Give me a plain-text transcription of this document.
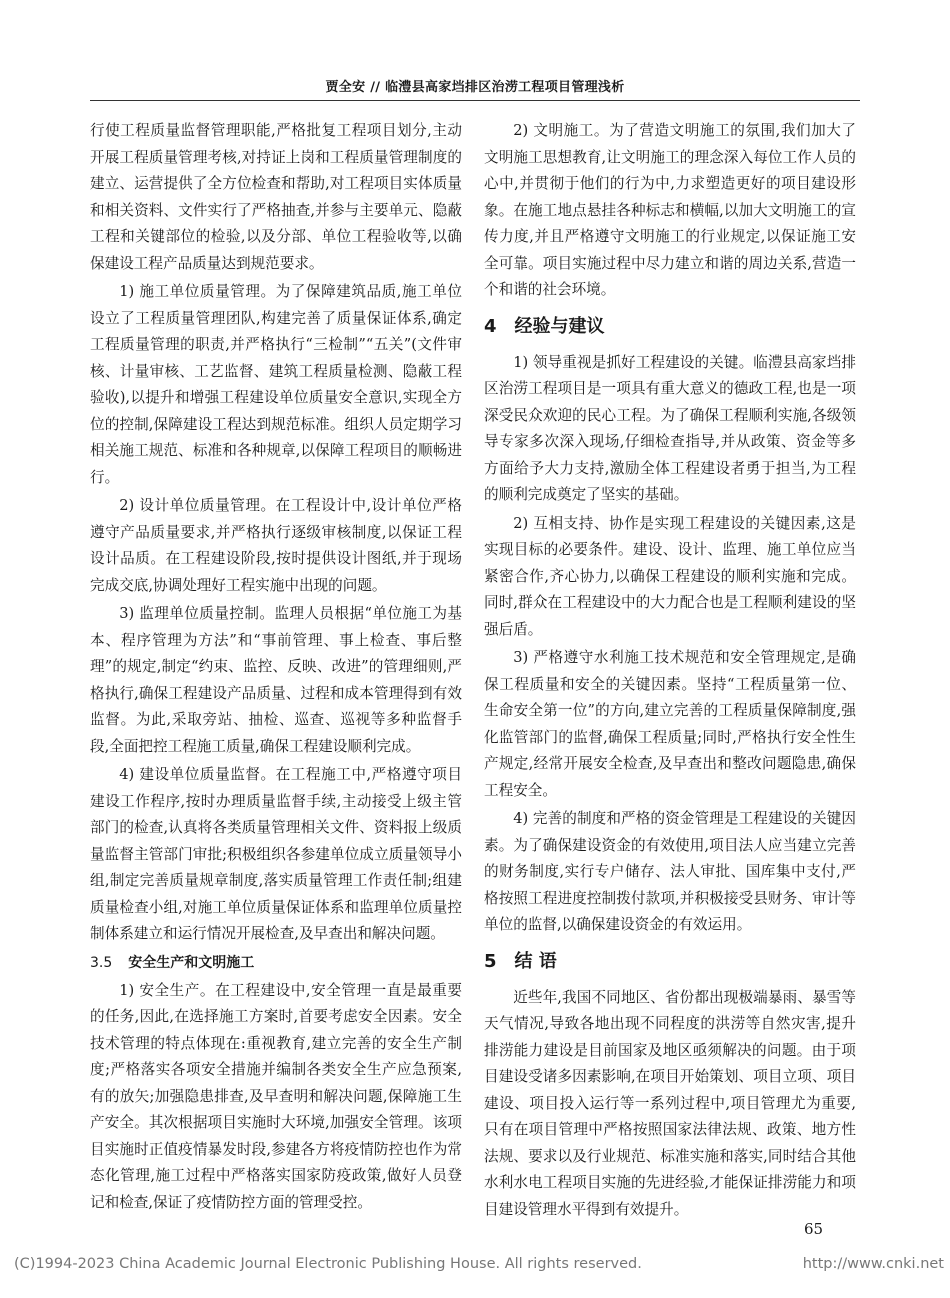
贾全安 // 临澧县高家垱排区治涝工程项目管理浅析

行使工程质量监督管理职能,严格批复工程项目划分,主动开展工程质量管理考核,对持证上岗和工程质量管理制度的建立、运营提供了全方位检查和帮助,对工程项目实体质量和相关资料、文件实行了严格抽查,并参与主要单元、隐蔽工程和关键部位的检验,以及分部、单位工程验收等,以确保建设工程产品质量达到规范要求。

1) 施工单位质量管理。为了保障建筑品质,施工单位设立了工程质量管理团队,构建完善了质量保证体系,确定工程质量管理的职责,并严格执行“三检制”“五关”(文件审核、计量审核、工艺监督、建筑工程质量检测、隐蔽工程验收),以提升和增强工程建设单位质量安全意识,实现全方位的控制,保障建设工程达到规范标准。组织人员定期学习相关施工规范、标准和各种规章,以保障工程项目的顺畅进行。

2) 设计单位质量管理。在工程设计中,设计单位严格遵守产品质量要求,并严格执行逐级审核制度,以保证工程设计品质。在工程建设阶段,按时提供设计图纸,并于现场完成交底,协调处理好工程实施中出现的问题。

3) 监理单位质量控制。监理人员根据“单位施工为基本、程序管理为方法”和“事前管理、事上检查、事后整理”的规定,制定“约束、监控、反映、改进”的管理细则,严格执行,确保工程建设产品质量、过程和成本管理得到有效监督。为此,采取旁站、抽检、巡查、巡视等多种监督手段,全面把控工程施工质量,确保工程建设顺利完成。

4) 建设单位质量监督。在工程施工中,严格遵守项目建设工作程序,按时办理质量监督手续,主动接受上级主管部门的检查,认真将各类质量管理相关文件、资料报上级质量监督主管部门审批;积极组织各参建单位成立质量领导小组,制定完善质量规章制度,落实质量管理工作责任制;组建质量检查小组,对施工单位质量保证体系和监理单位质量控制体系建立和运行情况开展检查,及早查出和解决问题。

3.5 安全生产和文明施工

1) 安全生产。在工程建设中,安全管理一直是最重要的任务,因此,在选择施工方案时,首要考虑安全因素。安全技术管理的特点体现在:重视教育,建立完善的安全生产制度;严格落实各项安全措施并编制各类安全生产应急预案,有的放矢;加强隐患排查,及早查明和解决问题,保障施工生产安全。其次根据项目实施时大环境,加强安全管理。该项目实施时正值疫情暴发时段,参建各方将疫情防控也作为常态化管理,施工过程中严格落实国家防疫政策,做好人员登记和检查,保证了疫情防控方面的管理受控。

2) 文明施工。为了营造文明施工的氛围,我们加大了文明施工思想教育,让文明施工的理念深入每位工作人员的心中,并贯彻于他们的行为中,力求塑造更好的项目建设形象。在施工地点悬挂各种标志和横幅,以加大文明施工的宣传力度,并且严格遵守文明施工的行业规定,以保证施工安全可靠。项目实施过程中尽力建立和谐的周边关系,营造一个和谐的社会环境。

4 经验与建议

1) 领导重视是抓好工程建设的关键。临澧县高家垱排区治涝工程项目是一项具有重大意义的德政工程,也是一项深受民众欢迎的民心工程。为了确保工程顺利实施,各级领导专家多次深入现场,仔细检查指导,并从政策、资金等多方面给予大力支持,激励全体工程建设者勇于担当,为工程的顺利完成奠定了坚实的基础。

2) 互相支持、协作是实现工程建设的关键因素,这是实现目标的必要条件。建设、设计、监理、施工单位应当紧密合作,齐心协力,以确保工程建设的顺利实施和完成。同时,群众在工程建设中的大力配合也是工程顺利建设的坚强后盾。

3) 严格遵守水利施工技术规范和安全管理规定,是确保工程质量和安全的关键因素。坚持“工程质量第一位、生命安全第一位”的方向,建立完善的工程质量保障制度,强化监管部门的监督,确保工程质量;同时,严格执行安全性生产规定,经常开展安全检查,及早查出和整改问题隐患,确保工程安全。

4) 完善的制度和严格的资金管理是工程建设的关键因素。为了确保建设资金的有效使用,项目法人应当建立完善的财务制度,实行专户储存、法人审批、国库集中支付,严格按照工程进度控制拨付款项,并积极接受县财务、审计等单位的监督,以确保建设资金的有效运用。

5 结 语

近些年,我国不同地区、省份都出现极端暴雨、暴雪等天气情况,导致各地出现不同程度的洪涝等自然灾害,提升排涝能力建设是目前国家及地区亟须解决的问题。由于项目建设受诸多因素影响,在项目开始策划、项目立项、项目建设、项目投入运行等一系列过程中,项目管理尤为重要,只有在项目管理中严格按照国家法律法规、政策、地方性法规、要求以及行业规范、标准实施和落实,同时结合其他水利水电工程项目实施的先进经验,才能保证排涝能力和项目建设管理水平得到有效提升。

65
(C)1994-2023 China Academic Journal Electronic Publishing House. All rights reserved.	http://www.cnki.net
